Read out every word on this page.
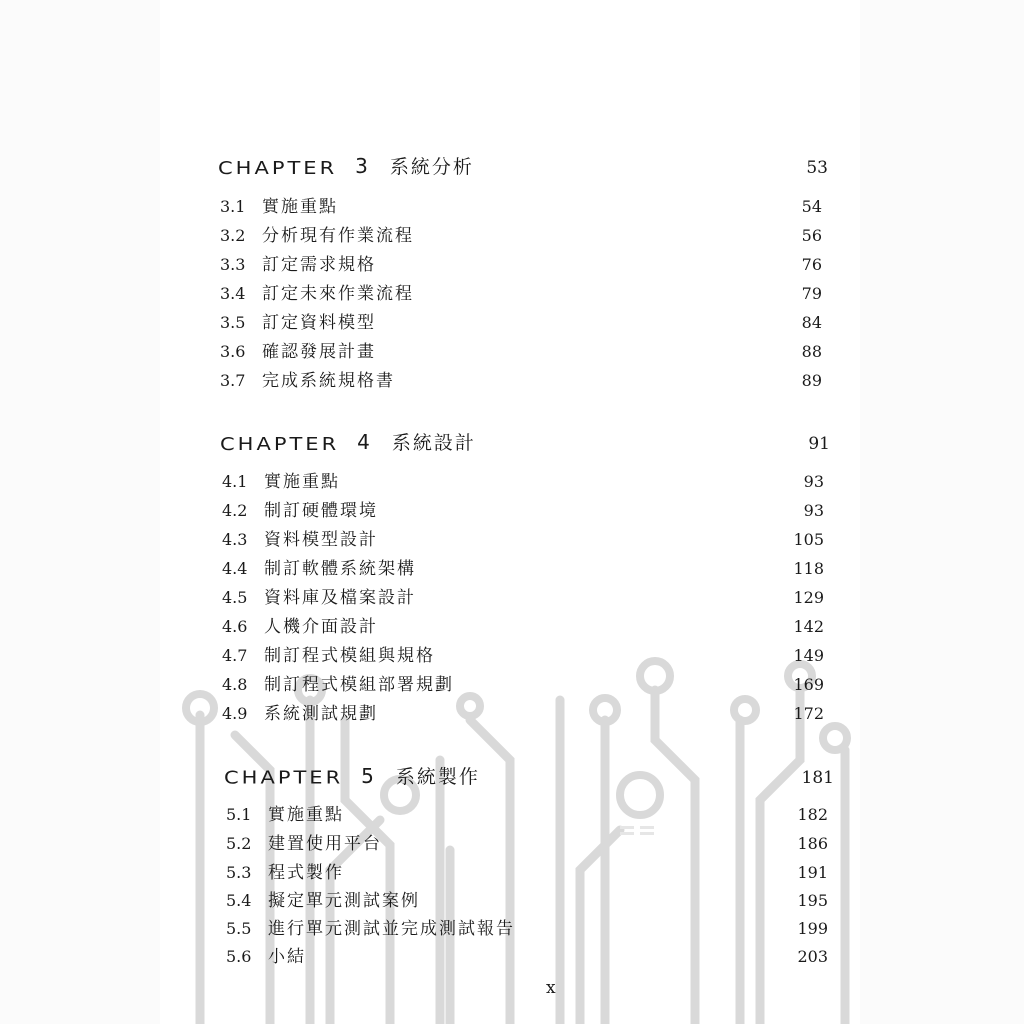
CHAPTER 3 系統分析	53
3.1 實施重點	54
3.2 分析現有作業流程	56
3.3 訂定需求規格	76
3.4 訂定未來作業流程	79
3.5 訂定資料模型	84
3.6 確認發展計畫	88
3.7 完成系統規格書	89
CHAPTER 4 系統設計	91
4.1 實施重點	93
4.2 制訂硬體環境	93
4.3 資料模型設計	105
4.4 制訂軟體系統架構	118
4.5 資料庫及檔案設計	129
4.6 人機介面設計	142
4.7 制訂程式模組與規格	149
4.8 制訂程式模組部署規劃	169
4.9 系統測試規劃	172
CHAPTER 5 系統製作	181
5.1 實施重點	182
5.2 建置使用平台	186
5.3 程式製作	191
5.4 擬定單元測試案例	195
5.5 進行單元測試並完成測試報告	199
5.6 小結	203
x
